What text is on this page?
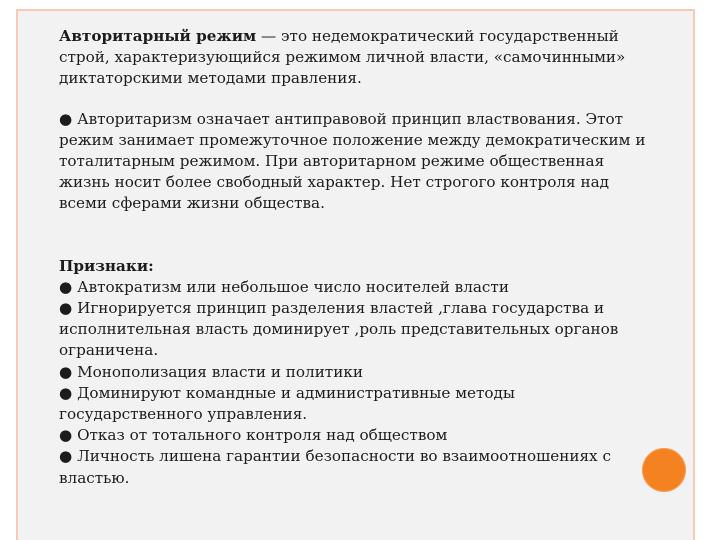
Авторитарный режим — это недемократический государственный строй, характеризующийся режимом личной власти, «самочинными» диктаторскими методами правления.

● Авторитаризм означает антиправовой принцип властвования. Этот режим занимает промежуточное положение между демократическим и тоталитарным режимом. При авторитарном режиме общественная жизнь носит более свободный характер. Нет строгого контроля над всеми сферами жизни общества.

Признаки:

● Автократизм или небольшое число носителей власти

● Игнорируется принцип разделения властей ,глава государства и исполнительная власть доминирует ,роль представительных органов ограничена.

● Монополизация власти и политики

● Доминируют командные и административные методы государственного управления.

● Отказ от тотального контроля над обществом

● Личность лишена гарантии безопасности во взаимоотношениях с властью.
